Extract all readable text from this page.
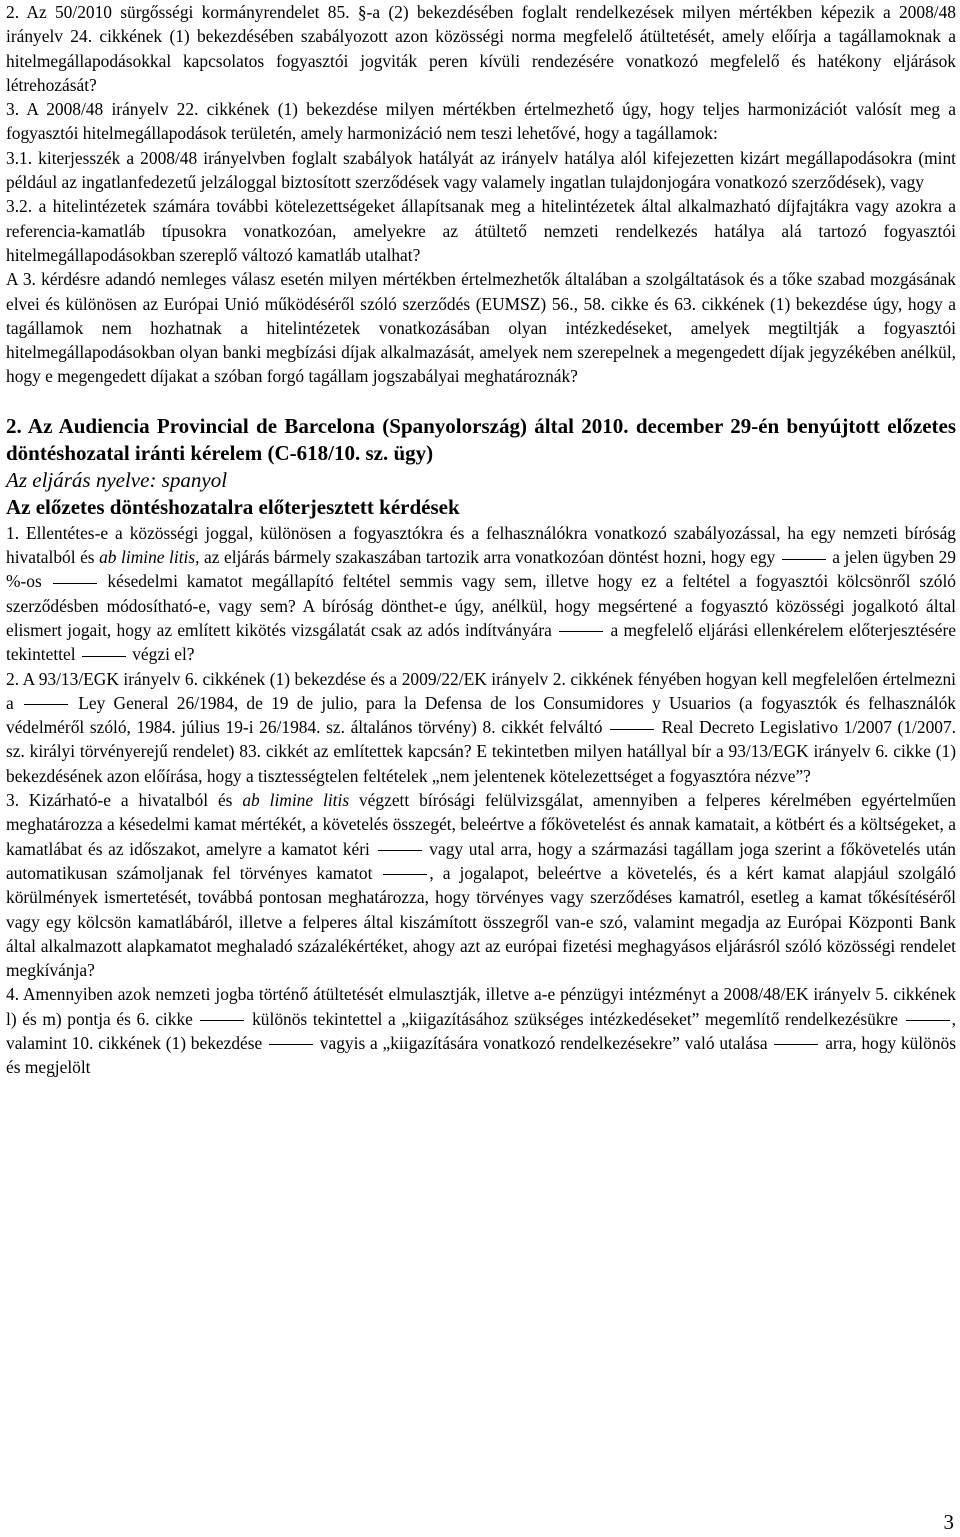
2. Az 50/2010 sürgősségi kormányrendelet 85. §-a (2) bekezdésében foglalt rendelkezések milyen mértékben képezik a 2008/48 irányelv 24. cikkének (1) bekezdésében szabályozott azon közösségi norma megfelelő átültetését, amely előírja a tagállamoknak a hitelmegállapodásokkal kapcsolatos fogyasztói jogviták peren kívüli rendezésére vonatkozó megfelelő és hatékony eljárások létrehozását?

3. A 2008/48 irányelv 22. cikkének (1) bekezdése milyen mértékben értelmezhető úgy, hogy teljes harmonizációt valósít meg a fogyasztói hitelmegállapodások területén, amely harmonizáció nem teszi lehetővé, hogy a tagállamok:

3.1. kiterjesszék a 2008/48 irányelvben foglalt szabályok hatályát az irányelv hatálya alól kifejezetten kizárt megállapodásokra (mint például az ingatlanfedezetű jelzáloggal biztosított szerződések vagy valamely ingatlan tulajdonjogára vonatkozó szerződések), vagy

3.2. a hitelintézetek számára további kötelezettségeket állapítsanak meg a hitelintézetek által alkalmazható díjfajtákra vagy azokra a referencia-kamatláb típusokra vonatkozóan, amelyekre az átültető nemzeti rendelkezés hatálya alá tartozó fogyasztói hitelmegállapodásokban szereplő változó kamatláb utalhat?

A 3. kérdésre adandó nemleges válasz esetén milyen mértékben értelmezhetők általában a szolgáltatások és a tőke szabad mozgásának elvei és különösen az Európai Unió működéséről szóló szerződés (EUMSZ) 56., 58. cikke és 63. cikkének (1) bekezdése úgy, hogy a tagállamok nem hozhatnak a hitelintézetek vonatkozásában olyan intézkedéseket, amelyek megtiltják a fogyasztói hitelmegállapodásokban olyan banki megbízási díjak alkalmazását, amelyek nem szerepelnek a megengedett díjak jegyzékében anélkül, hogy e megengedett díjakat a szóban forgó tagállam jogszabályai meghatároznák?

2. Az Audiencia Provincial de Barcelona (Spanyolország) által 2010. december 29-én benyújtott előzetes döntéshozatal iránti kérelem (C-618/10. sz. ügy)

Az eljárás nyelve: spanyol

Az előzetes döntéshozatalra előterjesztett kérdések

1. Ellentétes-e a közösségi joggal, különösen a fogyasztókra és a felhasználókra vonatkozó szabályozással, ha egy nemzeti bíróság hivatalból és ab limine litis, az eljárás bármely szakaszában tartozik arra vonatkozóan döntést hozni, hogy egy	a jelen ügyben 29 %-os	késedelmi kamatot megállapító feltétel semmis vagy sem, illetve hogy ez a feltétel a fogyasztói kölcsönről szóló szerződésben módosítható-e, vagy sem? A bíróság dönthet-e úgy, anélkül, hogy megsértené a fogyasztó közösségi jogalkotó által elismert jogait, hogy az említett kikötés vizsgálatát csak az adós indítványára	a megfelelő eljárási ellenkérelem előterjesztésére tekintettel	végzi el?

2. A 93/13/EGK irányelv 6. cikkének (1) bekezdése és a 2009/22/EK irányelv 2. cikkének fényében hogyan kell megfelelően értelmezni a	Ley General 26/1984, de 19 de julio, para la Defensa de los Consumidores y Usuarios (a fogyasztók és felhasználók védelméről szóló, 1984. július 19-i 26/1984. sz. általános törvény) 8. cikkét felváltó	Real Decreto Legislativo 1/2007 (1/2007. sz. királyi törvényerejű rendelet) 83. cikkét az említettek kapcsán? E tekintetben milyen hatállyal bír a 93/13/EGK irányelv 6. cikke (1) bekezdésének azon előírása, hogy a tisztességtelen feltételek „nem jelentenek kötelezettséget a fogyasztóra nézve”?

3. Kizárható-e a hivatalból és ab limine litis végzett bírósági felülvizsgálat, amennyiben a felperes kérelmében egyértelműen meghatározza a késedelmi kamat mértékét, a követelés összegét, beleértve a főkövetelést és annak kamatait, a kötbért és a költségeket, a kamatlábat és az időszakot, amelyre a kamatot kéri	vagy utal arra, hogy a származási tagállam joga szerint a főkövetelés után automatikusan számoljanak fel törvényes kamatot	, a jogalapot, beleértve a követelés, és a kért kamat alapjául szolgáló körülmények ismertetését, továbbá pontosan meghatározza, hogy törvényes vagy szerződéses kamatról, esetleg a kamat tőkésítéséről vagy egy kölcsön kamatlábáról, illetve a felperes által kiszámított összegről van-e szó, valamint megadja az Európai Központi Bank által alkalmazott alapkamatot meghaladó százalékértéket, ahogy azt az európai fizetési meghagyásos eljárásról szóló közösségi rendelet megkívánja?

4. Amennyiben azok nemzeti jogba történő átültetését elmulasztják, illetve a-e pénzügyi intézményt a 2008/48/EK irányelv 5. cikkének l) és m) pontja és 6. cikke	különös tekintettel a „kiigazításához szükséges intézkedéseket” megemlítő rendelkezésükre	, valamint 10. cikkének (1) bekezdése	vagyis a „kiigazítására vonatkozó rendelkezésekre” való utalása	arra, hogy különös és megjelölt

3
